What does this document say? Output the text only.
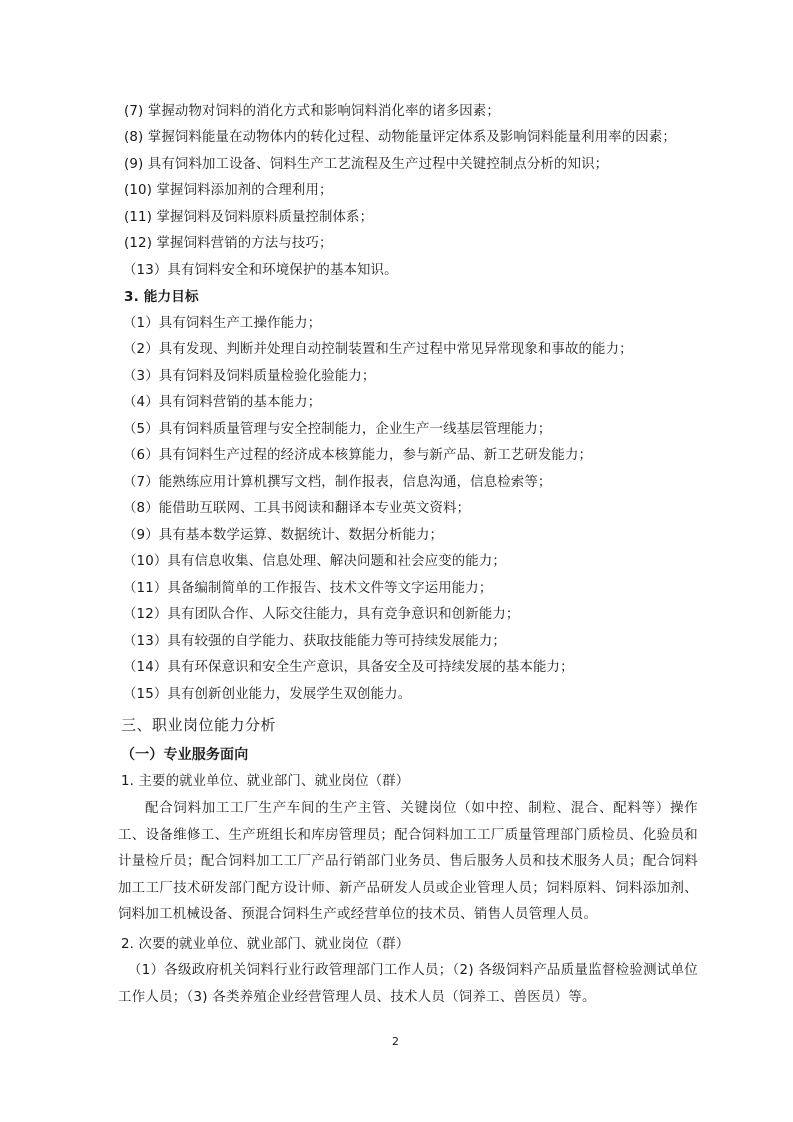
(7) 掌握动物对饲料的消化方式和影响饲料消化率的诸多因素；
(8) 掌握饲料能量在动物体内的转化过程、动物能量评定体系及影响饲料能量利用率的因素；
(9) 具有饲料加工设备、饲料生产工艺流程及生产过程中关键控制点分析的知识；
(10) 掌握饲料添加剂的合理利用；
(11) 掌握饲料及饲料原料质量控制体系；
(12) 掌握饲料营销的方法与技巧；
（13）具有饲料安全和环境保护的基本知识。
3. 能力目标
（1）具有饲料生产工操作能力；
（2）具有发现、判断并处理自动控制装置和生产过程中常见异常现象和事故的能力；
（3）具有饲料及饲料质量检验化验能力；
（4）具有饲料营销的基本能力；
（5）具有饲料质量管理与安全控制能力，企业生产一线基层管理能力；
（6）具有饲料生产过程的经济成本核算能力，参与新产品、新工艺研发能力；
（7）能熟练应用计算机撰写文档，制作报表，信息沟通，信息检索等；
（8）能借助互联网、工具书阅读和翻译本专业英文资料；
（9）具有基本数学运算、数据统计、数据分析能力；
（10）具有信息收集、信息处理、解决问题和社会应变的能力；
（11）具备编制简单的工作报告、技术文件等文字运用能力；
（12）具有团队合作、人际交往能力，具有竞争意识和创新能力；
（13）具有较强的自学能力、获取技能能力等可持续发展能力；
（14）具有环保意识和安全生产意识，具备安全及可持续发展的基本能力；
（15）具有创新创业能力，发展学生双创能力。
三、职业岗位能力分析
（一）专业服务面向
1. 主要的就业单位、就业部门、就业岗位（群）
配合饲料加工工厂生产车间的生产主管、关键岗位（如中控、制粒、混合、配料等）操作工、设备维修工、生产班组长和库房管理员；配合饲料加工工厂质量管理部门质检员、化验员和计量检斤员；配合饲料加工工厂产品行销部门业务员、售后服务人员和技术服务人员；配合饲料加工工厂技术研发部门配方设计师、新产品研发人员或企业管理人员；饲料原料、饲料添加剂、饲料加工机械设备、预混合饲料生产或经营单位的技术员、销售人员管理人员。
2. 次要的就业单位、就业部门、就业岗位（群）
（1）各级政府机关饲料行业行政管理部门工作人员；（2) 各级饲料产品质量监督检验测试单位工作人员；（3) 各类养殖企业经营管理人员、技术人员（饲养工、兽医员）等。
2
